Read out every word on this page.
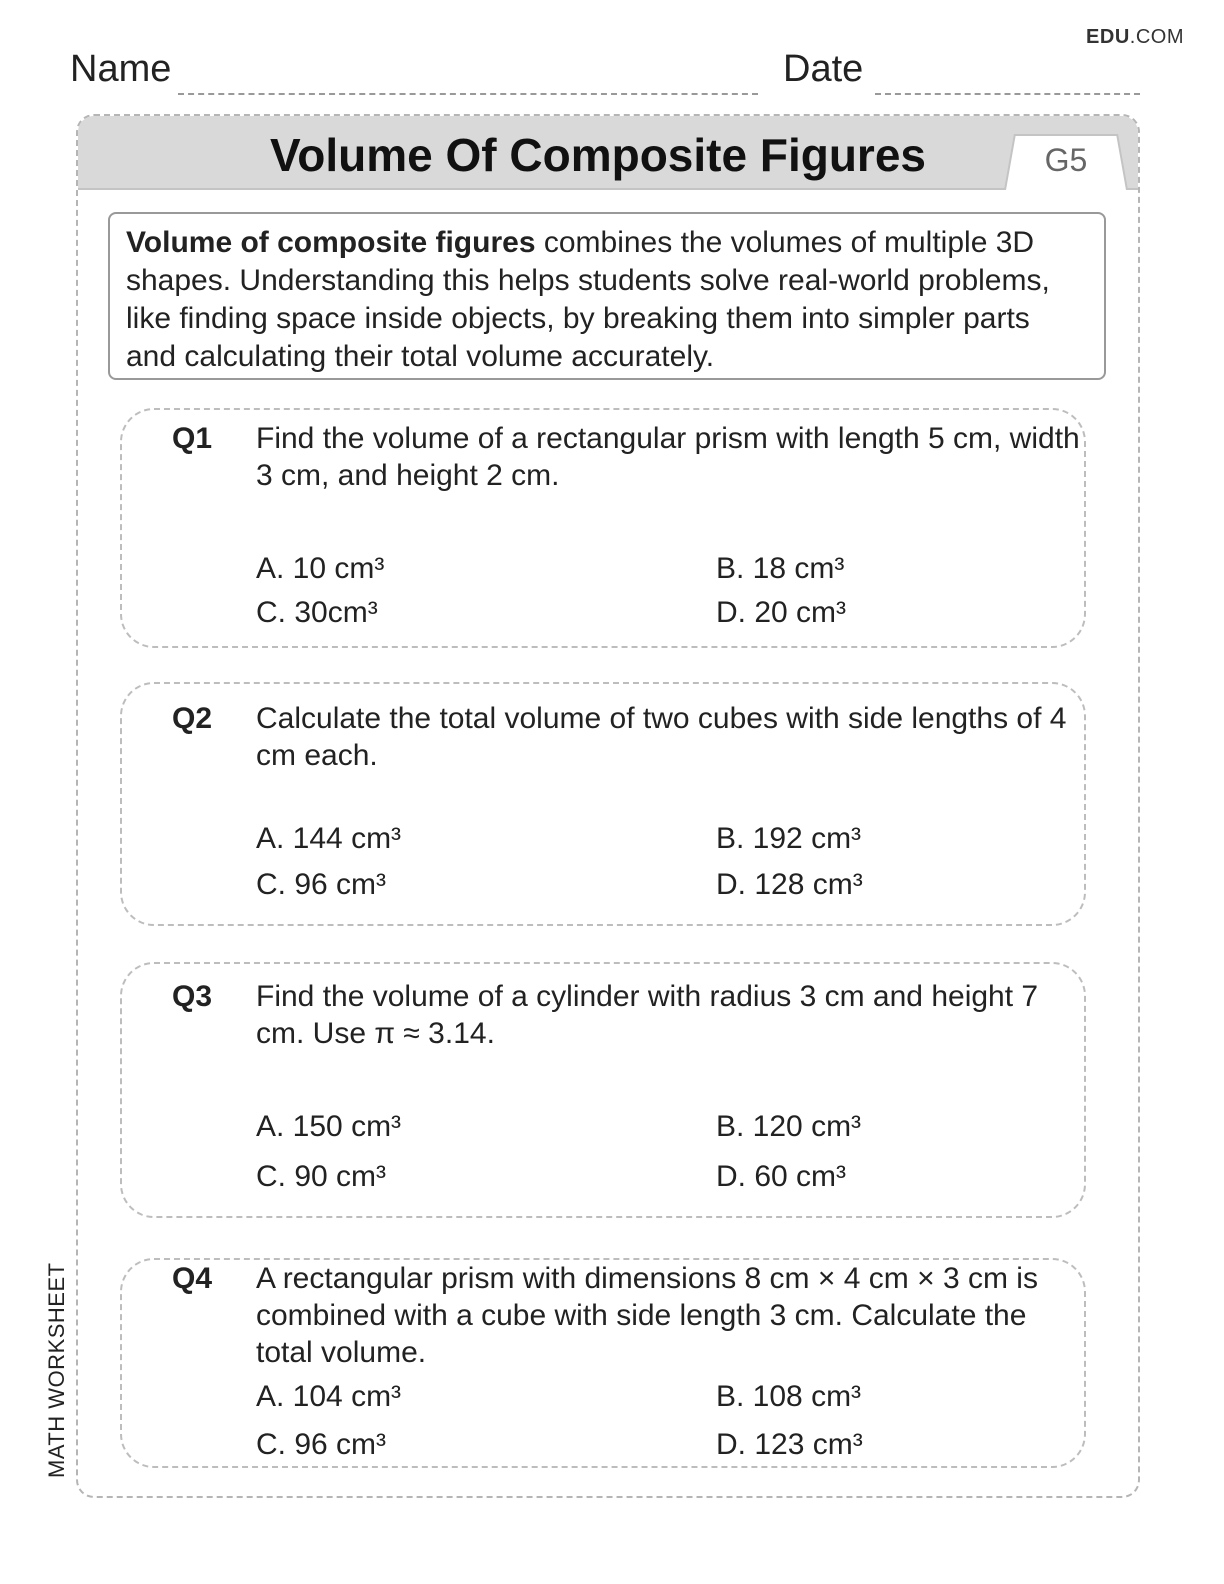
EDU.COM
Name	Date
Volume Of Composite Figures	G5
Volume of composite figures combines the volumes of multiple 3D shapes. Understanding this helps students solve real-world problems, like finding space inside objects, by breaking them into simpler parts and calculating their total volume accurately.
Q1 Find the volume of a rectangular prism with length 5 cm, width 3 cm, and height 2 cm.
A. 10 cm³	B. 18 cm³
C. 30cm³	D. 20 cm³
Q2 Calculate the total volume of two cubes with side lengths of 4 cm each.
A. 144 cm³	B. 192 cm³
C. 96 cm³	D. 128 cm³
Q3 Find the volume of a cylinder with radius 3 cm and height 7 cm. Use π ≈ 3.14.
A. 150 cm³	B. 120 cm³
C. 90 cm³	D. 60 cm³
Q4 A rectangular prism with dimensions 8 cm × 4 cm × 3 cm is combined with a cube with side length 3 cm. Calculate the total volume.
A. 104 cm³	B. 108 cm³
C. 96 cm³	D. 123 cm³
MATH WORKSHEET
